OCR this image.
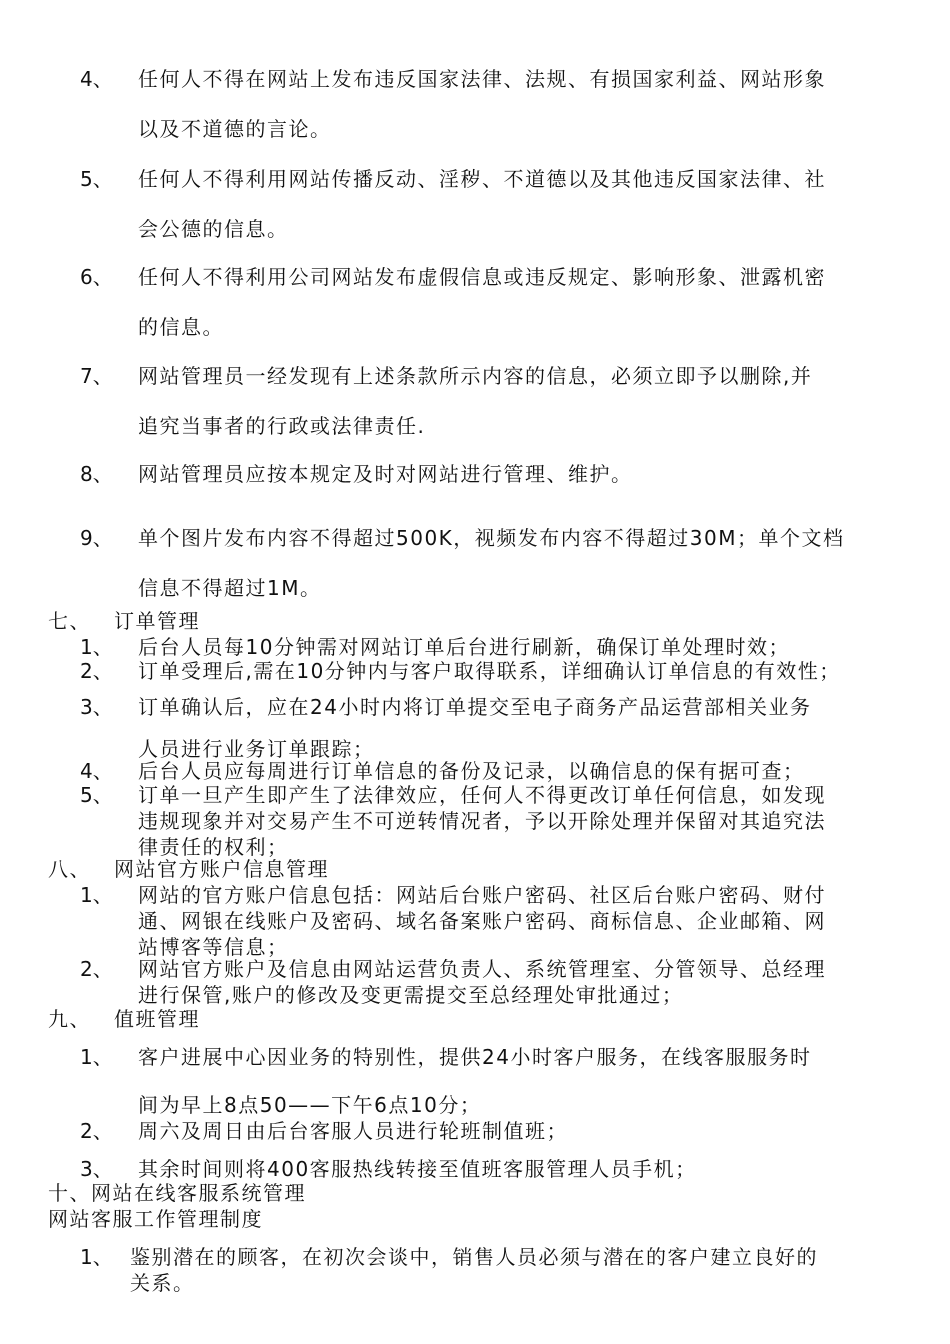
4、 任何人不得在网站上发布违反国家法律、法规、有损国家利益、网站形象
以及不道德的言论。
5、 任何人不得利用网站传播反动、淫秽、不道德以及其他违反国家法律、社
会公德的信息。
6、 任何人不得利用公司网站发布虚假信息或违反规定、影响形象、泄露机密
的信息。
7、 网站管理员一经发现有上述条款所示内容的信息，必须立即予以删除,并
追究当事者的行政或法律责任.
8、 网站管理员应按本规定及时对网站进行管理、维护。
9、 单个图片发布内容不得超过500K，视频发布内容不得超过30M；单个文档
信息不得超过1M。
七、 订单管理
1、 后台人员每10分钟需对网站订单后台进行刷新，确保订单处理时效；
2、 订单受理后,需在10分钟内与客户取得联系，详细确认订单信息的有效性；
3、 订单确认后，应在24小时内将订单提交至电子商务产品运营部相关业务
人员进行业务订单跟踪；
4、 后台人员应每周进行订单信息的备份及记录，以确信息的保有据可查；
5、 订单一旦产生即产生了法律效应，任何人不得更改订单任何信息，如发现
违规现象并对交易产生不可逆转情况者，予以开除处理并保留对其追究法
律责任的权利；
八、 网站官方账户信息管理
1、 网站的官方账户信息包括：网站后台账户密码、社区后台账户密码、财付
通、网银在线账户及密码、域名备案账户密码、商标信息、企业邮箱、网
站博客等信息；
2、 网站官方账户及信息由网站运营负责人、系统管理室、分管领导、总经理
进行保管,账户的修改及变更需提交至总经理处审批通过；
九、 值班管理
1、 客户进展中心因业务的特别性，提供24小时客户服务，在线客服服务时
间为早上8点50——下午6点10分；
2、 周六及周日由后台客服人员进行轮班制值班；
3、 其余时间则将400客服热线转接至值班客服管理人员手机；
十、网站在线客服系统管理
网站客服工作管理制度
1、 鉴别潜在的顾客，在初次会谈中，销售人员必须与潜在的客户建立良好的
关系。
